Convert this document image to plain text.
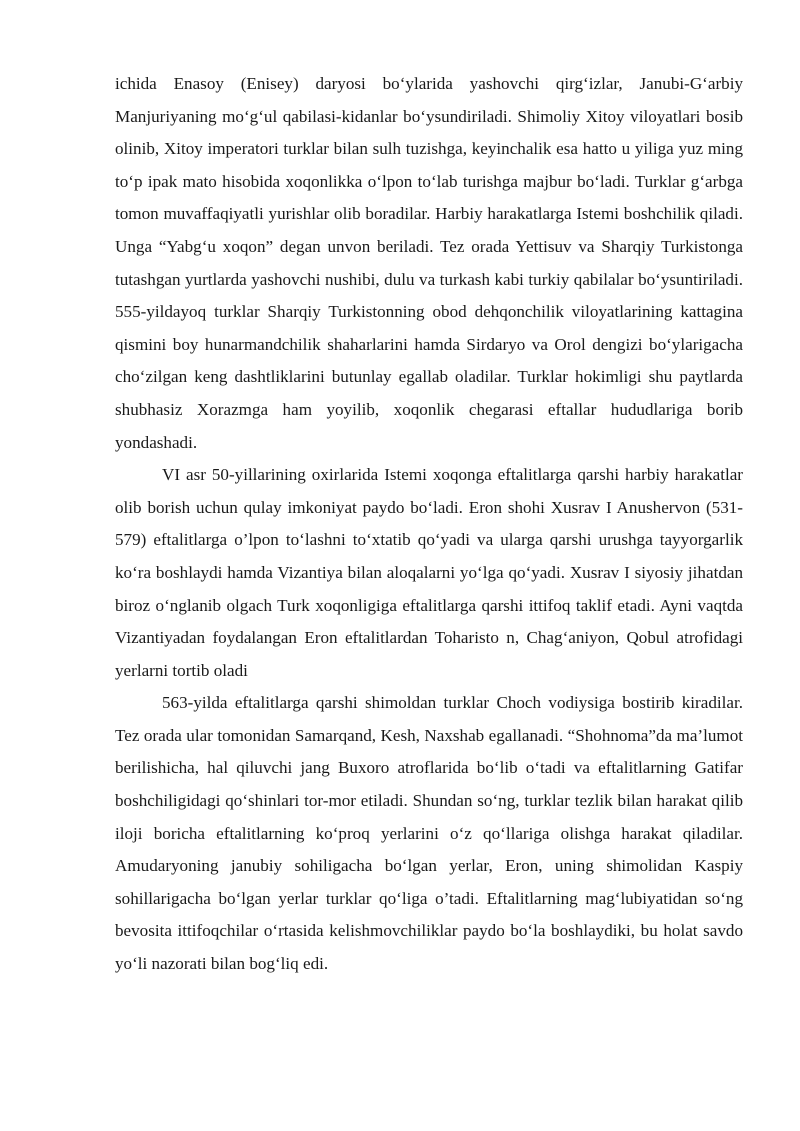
ichida Enasoy (Enisey) daryosi bo‘ylarida yashovchi qirg‘izlar, Janubi-G‘arbiy Manjuriyaning mo‘g‘ul qabilasi-kidanlar bo‘ysundiriladi. Shimoliy Xitoy viloyatlari bosib olinib, Xitoy imperatori turklar bilan sulh tuzishga, keyinchalik esa hatto u yiliga yuz ming to‘p ipak mato hisobida xoqonlikka o‘lpon to‘lab turishga majbur bo‘ladi. Turklar g‘arbga tomon muvaffaqiyatli yurishlar olib boradilar. Harbiy harakatlarga Istemi boshchilik qiladi. Unga “Yabg‘u xoqon” degan unvon beriladi. Tez orada Yettisuv va Sharqiy Turkistonga tutashgan yurtlarda yashovchi nushibi, dulu va turkash kabi turkiy qabilalar bo‘ysuntiriladi. 555-yildayoq turklar Sharqiy Turkistonning obod dehqonchilik viloyatlarining kattagina qismini boy hunarmandchilik shaharlarini hamda Sirdaryo va Orol dengizi bo‘ylarigacha cho‘zilgan keng dashtliklarini butunlay egallab oladilar. Turklar hokimligi shu paytlarda shubhasiz Xorazmga ham yoyilib, xoqonlik chegarasi eftallar hududlariga borib yondashadi.

VI asr 50-yillarining oxirlarida Istemi xoqonga eftalitlarga qarshi harbiy harakatlar olib borish uchun qulay imkoniyat paydo bo‘ladi. Eron shohi Xusrav I Anushervon (531-579) eftalitlarga o’lpon to‘lashni to‘xtatib qo‘yadi va ularga qarshi urushga tayyorgarlik ko‘ra boshlaydi hamda Vizantiya bilan aloqalarni yo‘lga qo‘yadi. Xusrav I siyosiy jihatdan biroz o‘nglanib olgach Turk xoqonligiga eftalitlarga qarshi ittifoq taklif etadi. Ayni vaqtda Vizantiyadan foydalangan Eron eftalitlardan Toharisto n, Chag‘aniyon, Qobul atrofidagi yerlarni tortib oladi

563-yilda eftalitlarga qarshi shimoldan turklar Choch vodiysiga bostirib kiradilar. Tez orada ular tomonidan Samarqand, Kesh, Naxshab egallanadi. “Shohnoma”da ma’lumot berilishicha, hal qiluvchi jang Buxoro atroflarida bo‘lib o‘tadi va eftalitlarning Gatifar boshchiligidagi qo‘shinlari tor-mor etiladi. Shundan so‘ng, turklar tezlik bilan harakat qilib iloji boricha eftalitlarning ko‘proq yerlarini o‘z qo‘llariga olishga harakat qiladilar. Amudaryoning janubiy sohiligacha bo‘lgan yerlar, Eron, uning shimolidan Kaspiy sohillarigacha bo‘lgan yerlar turklar qo‘liga o’tadi. Eftalitlarning mag‘lubiyatidan so‘ng bevosita ittifoqchilar o‘rtasida kelishmovchiliklar paydo bo‘la boshlaydiki, bu holat savdo yo‘li nazorati bilan bog‘liq edi.
